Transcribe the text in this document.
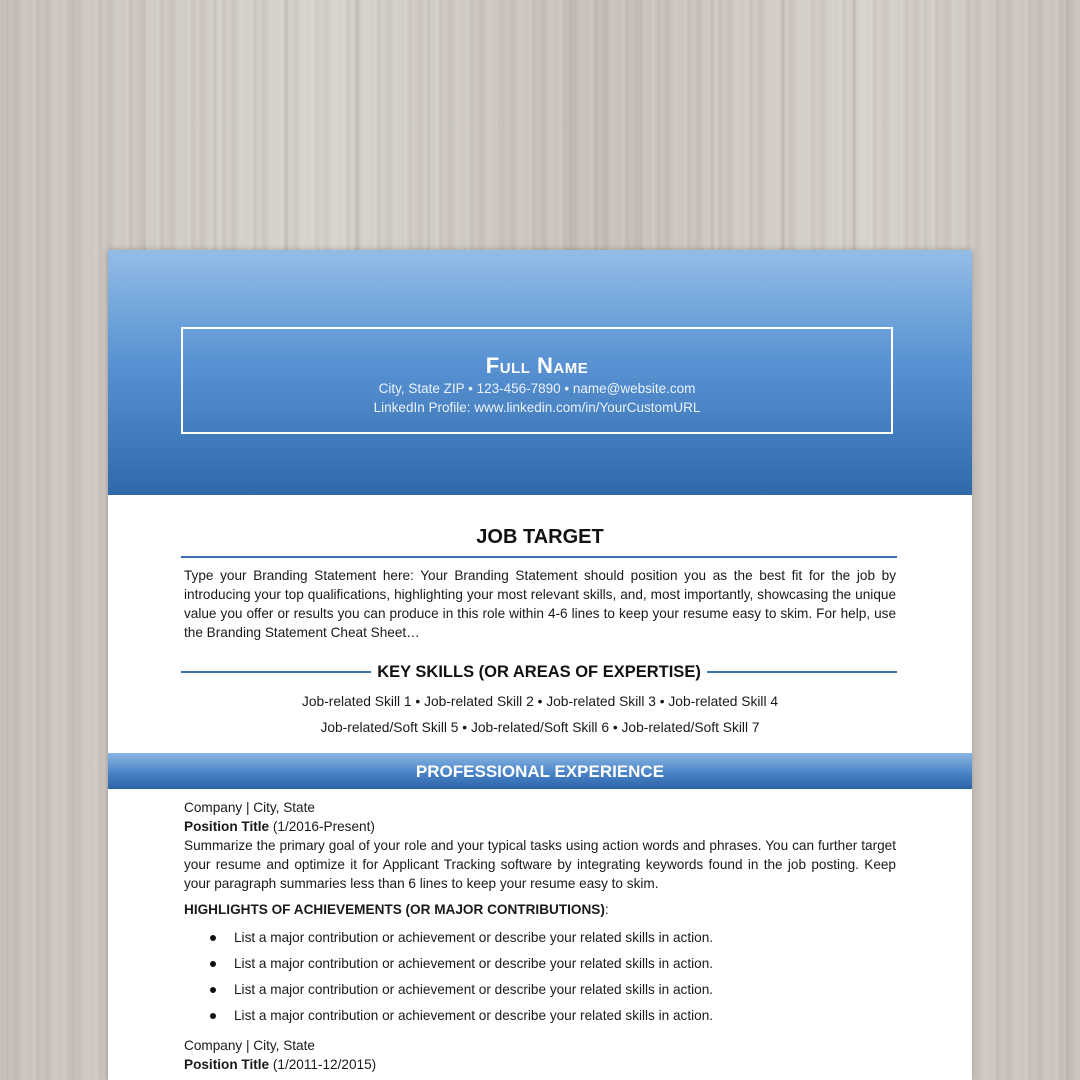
Full Name
City, State ZIP • 123-456-7890 • name@website.com
LinkedIn Profile: www.linkedin.com/in/YourCustomURL
JOB TARGET
Type your Branding Statement here: Your Branding Statement should position you as the best fit for the job by introducing your top qualifications, highlighting your most relevant skills, and, most importantly, showcasing the unique value you offer or results you can produce in this role within 4-6 lines to keep your resume easy to skim. For help, use the Branding Statement Cheat Sheet…
KEY SKILLS (OR AREAS OF EXPERTISE)
Job-related Skill 1 • Job-related Skill 2 • Job-related Skill 3 • Job-related Skill 4
Job-related/Soft Skill 5 • Job-related/Soft Skill 6 • Job-related/Soft Skill 7
PROFESSIONAL EXPERIENCE
Company | City, State
Position Title (1/2016-Present)
Summarize the primary goal of your role and your typical tasks using action words and phrases. You can further target your resume and optimize it for Applicant Tracking software by integrating keywords found in the job posting. Keep your paragraph summaries less than 6 lines to keep your resume easy to skim.
HIGHLIGHTS OF ACHIEVEMENTS (OR MAJOR CONTRIBUTIONS):
List a major contribution or achievement or describe your related skills in action.
List a major contribution or achievement or describe your related skills in action.
List a major contribution or achievement or describe your related skills in action.
List a major contribution or achievement or describe your related skills in action.
Company | City, State
Position Title (1/2011-12/2015)
